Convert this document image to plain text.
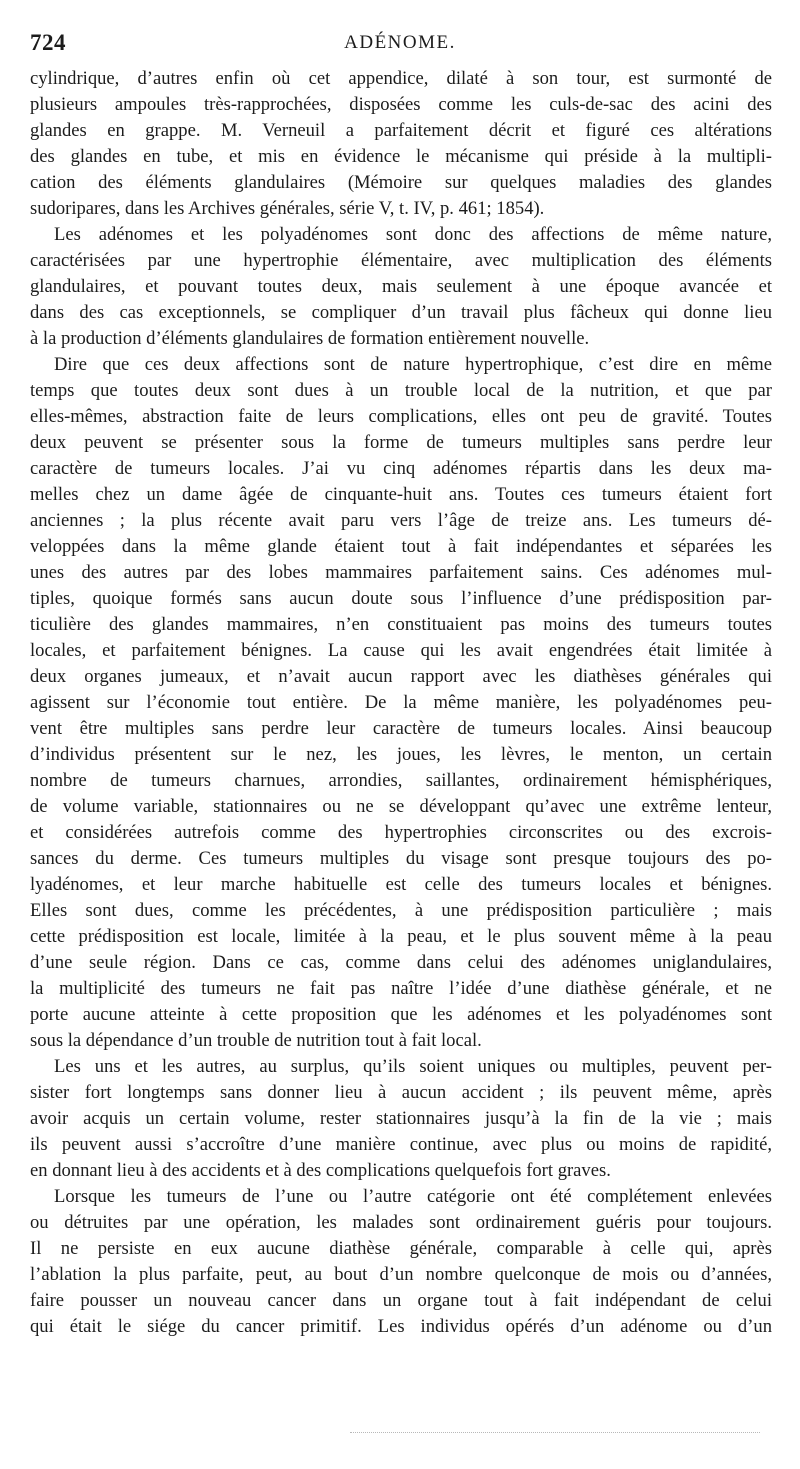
724	ADÉNOME.
cylindrique, d’autres enfin où cet appendice, dilaté à son tour, est surmonté de
plusieurs ampoules très-rapprochées, disposées comme les culs-de-sac des acini des
glandes en grappe. M. Verneuil a parfaitement décrit et figuré ces altérations
des glandes en tube, et mis en évidence le mécanisme qui préside à la multipli-
cation des éléments glandulaires (Mémoire sur quelques maladies des glandes
sudoripares, dans les Archives générales, série V, t. IV, p. 461; 1854).
Les adénomes et les polyadénomes sont donc des affections de même nature,
caractérisées par une hypertrophie élémentaire, avec multiplication des éléments
glandulaires, et pouvant toutes deux, mais seulement à une époque avancée et
dans des cas exceptionnels, se compliquer d’un travail plus fâcheux qui donne lieu
à la production d’éléments glandulaires de formation entièrement nouvelle.
Dire que ces deux affections sont de nature hypertrophique, c’est dire en même
temps que toutes deux sont dues à un trouble local de la nutrition, et que par
elles-mêmes, abstraction faite de leurs complications, elles ont peu de gravité. Toutes
deux peuvent se présenter sous la forme de tumeurs multiples sans perdre leur
caractère de tumeurs locales. J’ai vu cinq adénomes répartis dans les deux ma-
melles chez un dame âgée de cinquante-huit ans. Toutes ces tumeurs étaient fort
anciennes ; la plus récente avait paru vers l’âge de treize ans. Les tumeurs dé-
veloppées dans la même glande étaient tout à fait indépendantes et séparées les
unes des autres par des lobes mammaires parfaitement sains. Ces adénomes mul-
tiples, quoique formés sans aucun doute sous l’influence d’une prédisposition par-
ticulière des glandes mammaires, n’en constituaient pas moins des tumeurs toutes
locales, et parfaitement bénignes. La cause qui les avait engendrées était limitée à
deux organes jumeaux, et n’avait aucun rapport avec les diathèses générales qui
agissent sur l’économie tout entière. De la même manière, les polyadénomes peu-
vent être multiples sans perdre leur caractère de tumeurs locales. Ainsi beaucoup
d’individus présentent sur le nez, les joues, les lèvres, le menton, un certain
nombre de tumeurs charnues, arrondies, saillantes, ordinairement hémisphériques,
de volume variable, stationnaires ou ne se développant qu’avec une extrême lenteur,
et considérées autrefois comme des hypertrophies circonscrites ou des excrois-
sances du derme. Ces tumeurs multiples du visage sont presque toujours des po-
lyadénomes, et leur marche habituelle est celle des tumeurs locales et bénignes.
Elles sont dues, comme les précédentes, à une prédisposition particulière ; mais
cette prédisposition est locale, limitée à la peau, et le plus souvent même à la peau
d’une seule région. Dans ce cas, comme dans celui des adénomes uniglandulaires,
la multiplicité des tumeurs ne fait pas naître l’idée d’une diathèse générale, et ne
porte aucune atteinte à cette proposition que les adénomes et les polyadénomes sont
sous la dépendance d’un trouble de nutrition tout à fait local.
Les uns et les autres, au surplus, qu’ils soient uniques ou multiples, peuvent per-
sister fort longtemps sans donner lieu à aucun accident ; ils peuvent même, après
avoir acquis un certain volume, rester stationnaires jusqu’à la fin de la vie ; mais
ils peuvent aussi s’accroître d’une manière continue, avec plus ou moins de rapidité,
en donnant lieu à des accidents et à des complications quelquefois fort graves.
Lorsque les tumeurs de l’une ou l’autre catégorie ont été complétement enlevées
ou détruites par une opération, les malades sont ordinairement guéris pour toujours.
Il ne persiste en eux aucune diathèse générale, comparable à celle qui, après
l’ablation la plus parfaite, peut, au bout d’un nombre quelconque de mois ou d’années,
faire pousser un nouveau cancer dans un organe tout à fait indépendant de celui
qui était le siége du cancer primitif. Les individus opérés d’un adénome ou d’un
